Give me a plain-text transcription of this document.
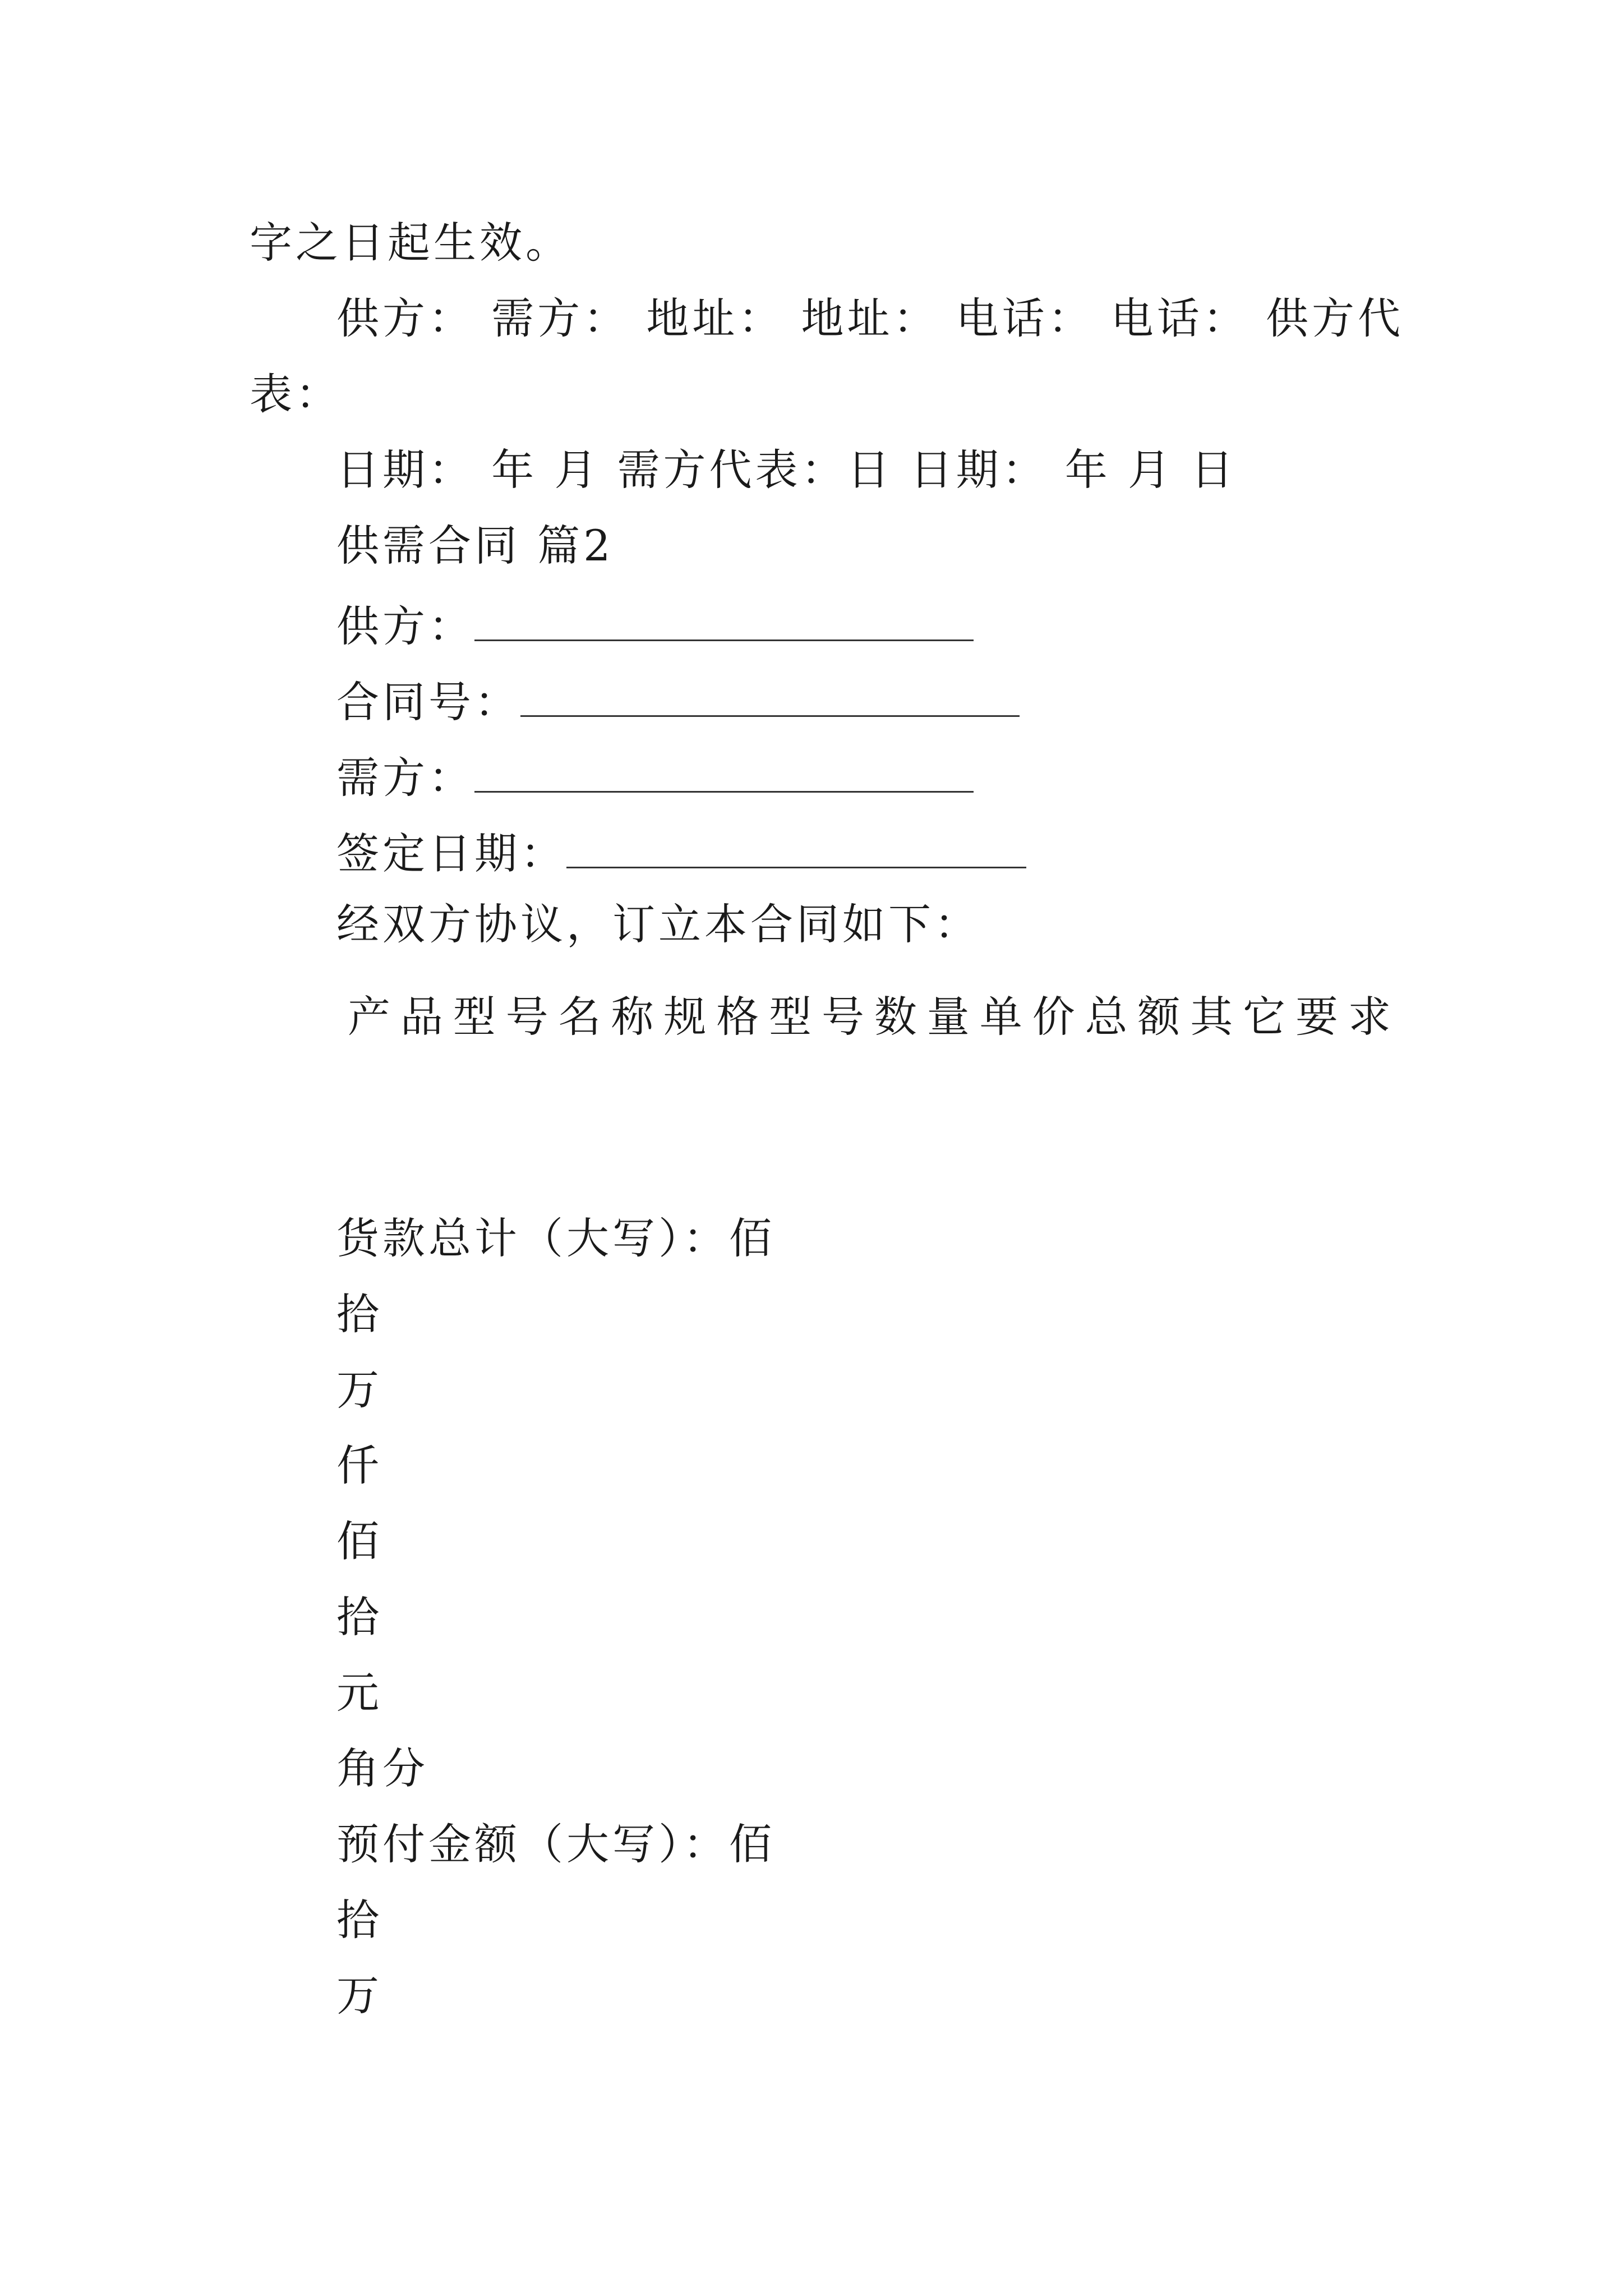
字之日起生效。
供方： 需方： 地址： 地址： 电话： 电话： 供方代
表：
日期： 年 月 需方代表：日 日期： 年 月 日
供需合同 篇2
供方：
合同号：
需方：
签定日期：
经双方协议，订立本合同如下：
产 品 型 号 名 称 规 格 型 号 数 量 单 价 总 额 其 它 要 求
货款总计（大写）：佰
拾
万
仟
佰
拾
元
角分
预付金额（大写）：佰
拾
万
